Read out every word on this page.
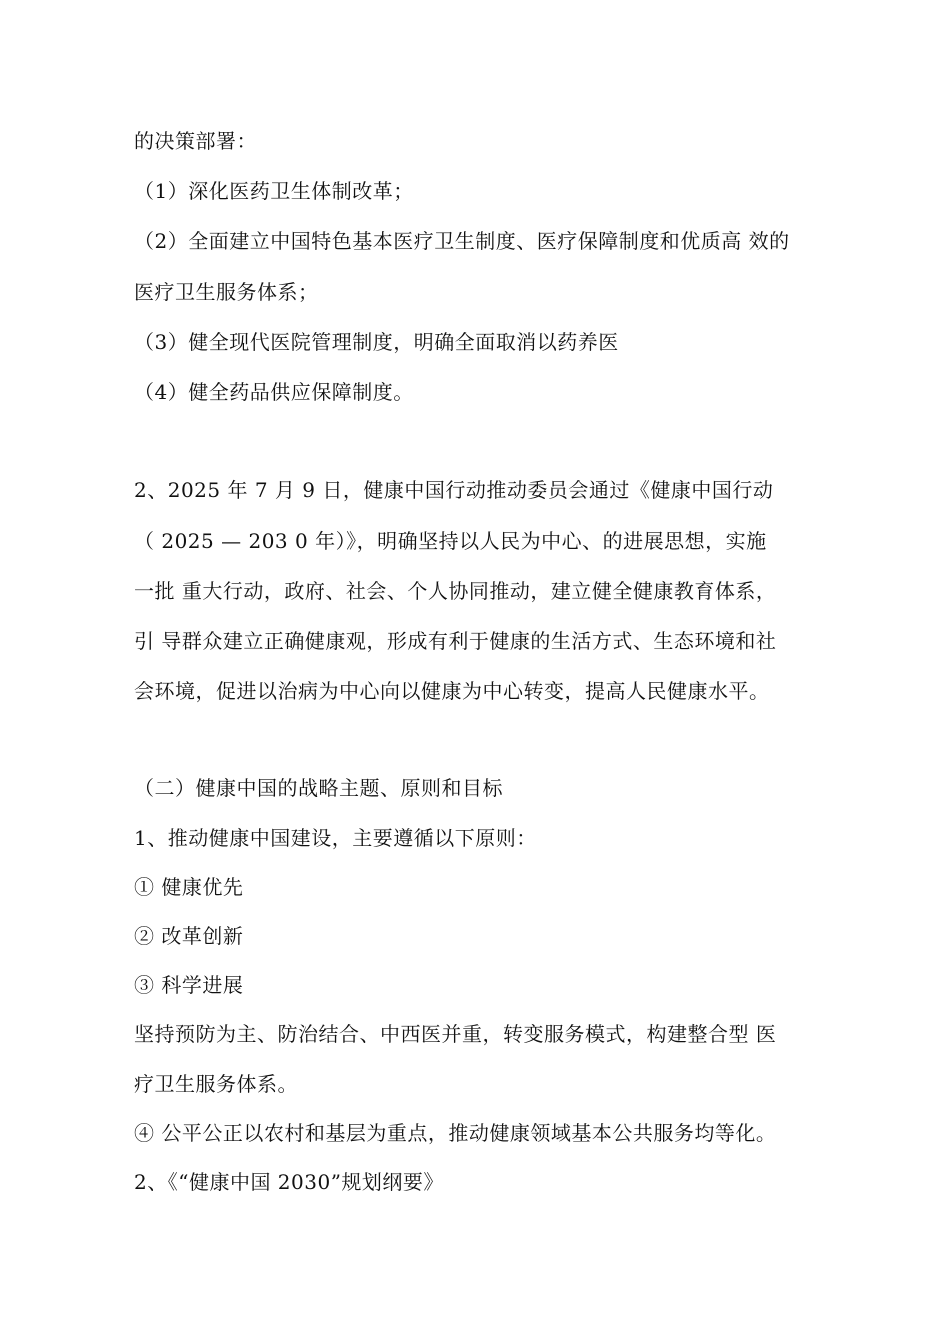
的决策部署：
（1）深化医药卫生体制改革；
（2）全面建立中国特色基本医疗卫生制度、医疗保障制度和优质高 效的
医疗卫生服务体系；
（3）健全现代医院管理制度，明确全面取消以药养医
（4）健全药品供应保障制度。
2、2025 年 7 月 9 日，健康中国行动推动委员会通过《健康中国行动
（ 2025 — 203 0 年）》，明确坚持以人民为中心、的进展思想，实施
一批 重大行动，政府、社会、个人协同推动，建立健全健康教育体系，
引 导群众建立正确健康观，形成有利于健康的生活方式、生态环境和社
会环境，促进以治病为中心向以健康为中心转变，提高人民健康水平。
（二）健康中国的战略主题、原则和目标
1、推动健康中国建设，主要遵循以下原则：
① 健康优先
② 改革创新
③ 科学进展
坚持预防为主、防治结合、中西医并重，转变服务模式，构建整合型 医
疗卫生服务体系。
④ 公平公正以农村和基层为重点，推动健康领域基本公共服务均等化。
2、《“健康中国 2030”规划纲要》
